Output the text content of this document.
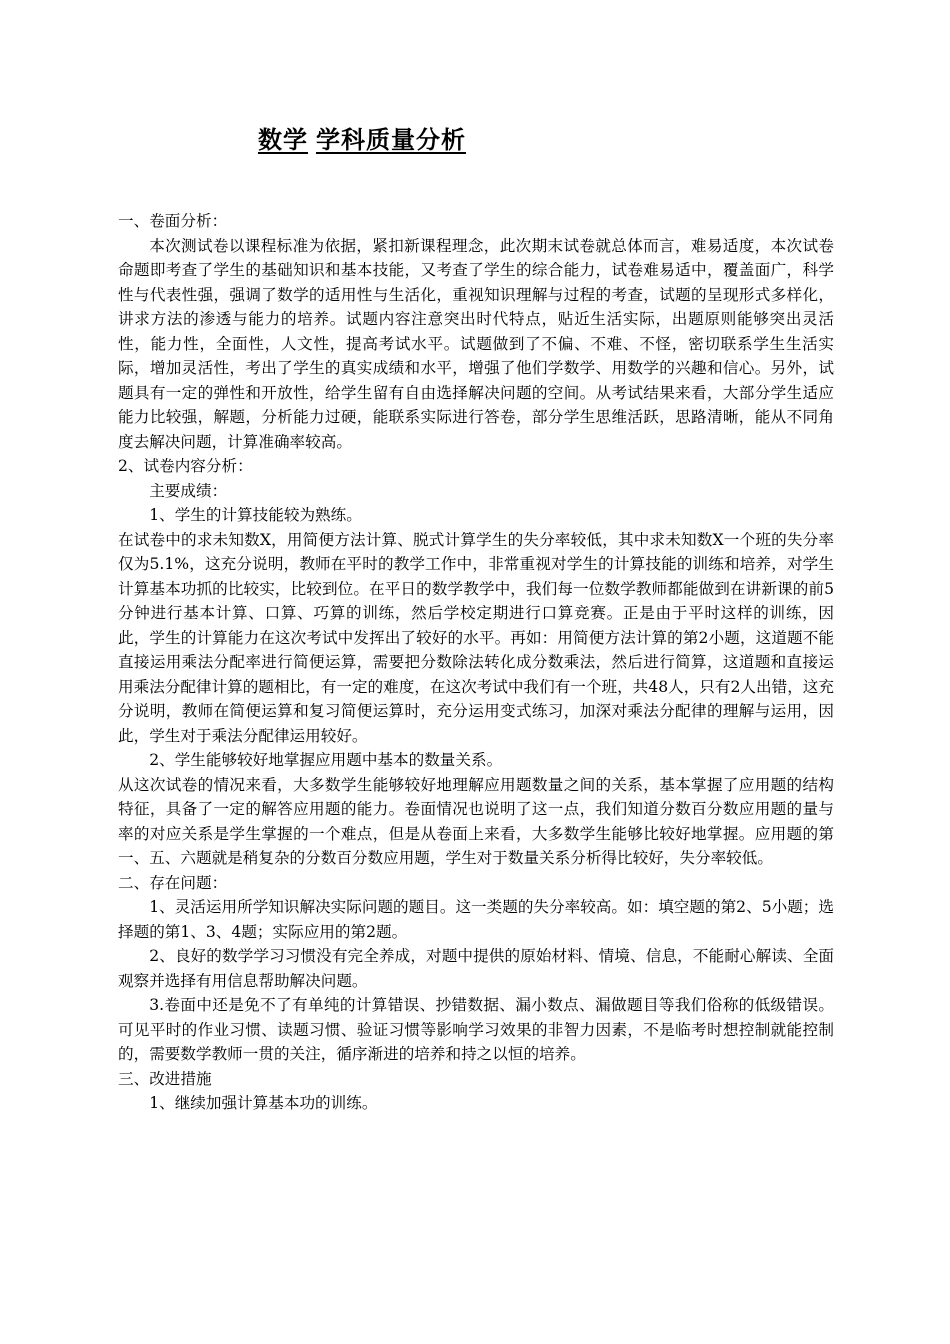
数学 学科质量分析

一、卷面分析：

本次测试卷以课程标准为依据，紧扣新课程理念，此次期末试卷就总体而言，难易适度，本次试卷命题即考查了学生的基础知识和基本技能，又考查了学生的综合能力，试卷难易适中，覆盖面广，科学性与代表性强，强调了数学的适用性与生活化，重视知识理解与过程的考查，试题的呈现形式多样化，讲求方法的渗透与能力的培养。试题内容注意突出时代特点，贴近生活实际，出题原则能够突出灵活性，能力性，全面性，人文性，提高考试水平。试题做到了不偏、不难、不怪，密切联系学生生活实际，增加灵活性，考出了学生的真实成绩和水平，增强了他们学数学、用数学的兴趣和信心。另外，试题具有一定的弹性和开放性，给学生留有自由选择解决问题的空间。从考试结果来看，大部分学生适应能力比较强，解题，分析能力过硬，能联系实际进行答卷，部分学生思维活跃，思路清晰，能从不同角度去解决问题，计算准确率较高。

2、试卷内容分析：

主要成绩：

1、学生的计算技能较为熟练。

在试卷中的求未知数X，用简便方法计算、脱式计算学生的失分率较低，其中求未知数X一个班的失分率仅为5.1%，这充分说明，教师在平时的教学工作中，非常重视对学生的计算技能的训练和培养，对学生计算基本功抓的比较实，比较到位。在平日的数学教学中，我们每一位数学教师都能做到在讲新课的前5分钟进行基本计算、口算、巧算的训练，然后学校定期进行口算竞赛。正是由于平时这样的训练，因此，学生的计算能力在这次考试中发挥出了较好的水平。再如：用简便方法计算的第2小题，这道题不能直接运用乘法分配率进行简便运算，需要把分数除法转化成分数乘法，然后进行简算，这道题和直接运用乘法分配律计算的题相比，有一定的难度，在这次考试中我们有一个班，共48人，只有2人出错，这充分说明，教师在简便运算和复习简便运算时，充分运用变式练习，加深对乘法分配律的理解与运用，因此，学生对于乘法分配律运用较好。

2、学生能够较好地掌握应用题中基本的数量关系。

从这次试卷的情况来看，大多数学生能够较好地理解应用题数量之间的关系，基本掌握了应用题的结构特征，具备了一定的解答应用题的能力。卷面情况也说明了这一点，我们知道分数百分数应用题的量与率的对应关系是学生掌握的一个难点，但是从卷面上来看，大多数学生能够比较好地掌握。应用题的第一、五、六题就是稍复杂的分数百分数应用题，学生对于数量关系分析得比较好，失分率较低。

二、存在问题：

1、灵活运用所学知识解决实际问题的题目。这一类题的失分率较高。如：填空题的第2、5小题；选择题的第1、3、4题；实际应用的第2题。

2、良好的数学学习习惯没有完全养成，对题中提供的原始材料、情境、信息，不能耐心解读、全面观察并选择有用信息帮助解决问题。

3.卷面中还是免不了有单纯的计算错误、抄错数据、漏小数点、漏做题目等我们俗称的低级错误。可见平时的作业习惯、读题习惯、验证习惯等影响学习效果的非智力因素，不是临考时想控制就能控制的，需要数学教师一贯的关注，循序渐进的培养和持之以恒的培养。

三、改进措施

1、继续加强计算基本功的训练。
